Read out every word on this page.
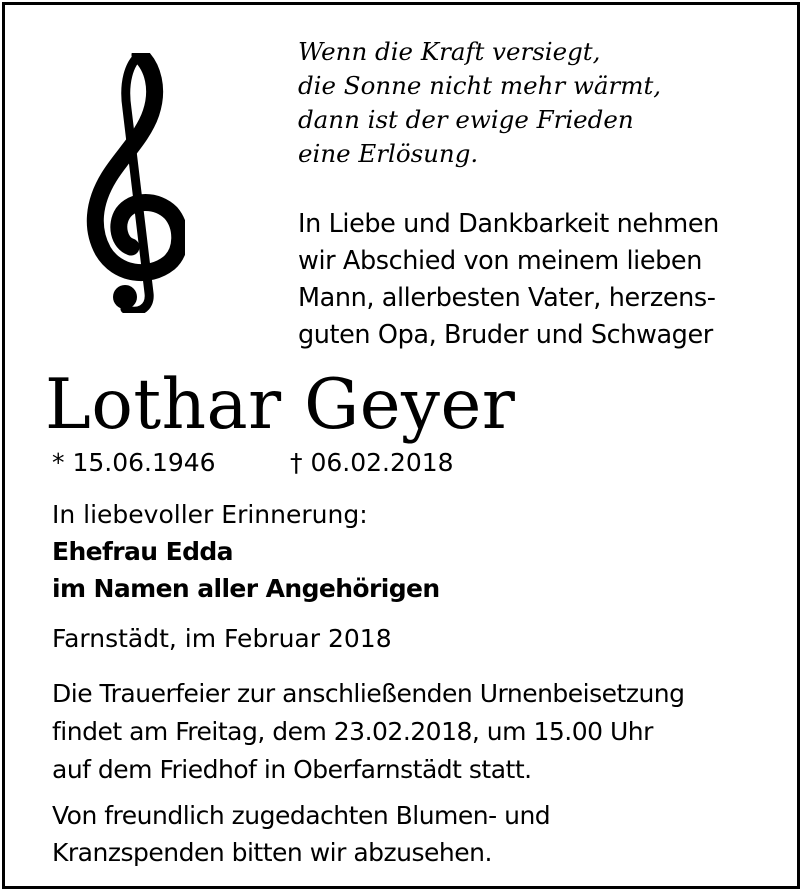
Wenn die Kraft versiegt,
die Sonne nicht mehr wärmt,
dann ist der ewige Frieden
eine Erlösung.
In Liebe und Dankbarkeit nehmen
wir Abschied von meinem lieben
Mann, allerbesten Vater, herzens-
guten Opa, Bruder und Schwager
Lothar Geyer
* 15.06.1946	† 06.02.2018
In liebevoller Erinnerung:
Ehefrau Edda
im Namen aller Angehörigen
Farnstädt, im Februar 2018
Die Trauerfeier zur anschließenden Urnenbeisetzung
findet am Freitag, dem 23.02.2018, um 15.00 Uhr
auf dem Friedhof in Oberfarnstädt statt.
Von freundlich zugedachten Blumen- und
Kranzspenden bitten wir abzusehen.
